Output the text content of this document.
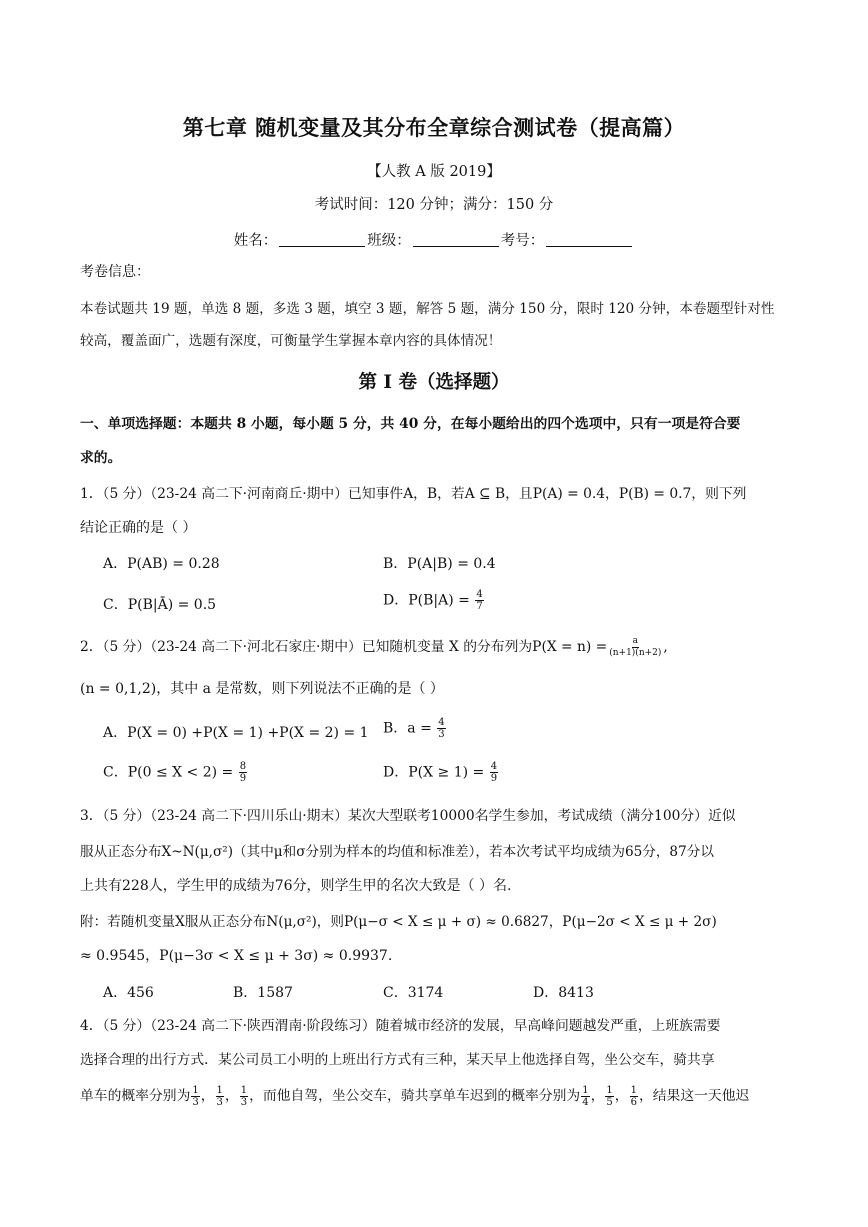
第七章 随机变量及其分布全章综合测试卷（提高篇）
【人教 A 版 2019】
考试时间：120 分钟；满分：150 分
姓名：	班级：	考号：
考卷信息：
本卷试题共 19 题，单选 8 题，多选 3 题，填空 3 题，解答 5 题，满分 150 分，限时 120 分钟，本卷题型针对性
较高，覆盖面广，选题有深度，可衡量学生掌握本章内容的具体情况！
第 I 卷（选择题）
一、单项选择题：本题共 8 小题，每小题 5 分，共 40 分，在每小题给出的四个选项中，只有一项是符合要
求的。
1．（5 分）（23-24 高二下·河南商丘·期中）已知事件A，B，若A ⊆ B，且P(A) = 0.4，P(B) = 0.7，则下列
结论正确的是（ ）
A．P(AB) = 0.28	B．P(A|B) = 0.4
C．P(B|Ā) = 0.5	D．$P(B|A) = \frac{4}{7}$
2．（5 分）（23-24 高二下·河北石家庄·期中）已知随机变量 X 的分布列为$P(X = n) = \frac{a}{(n+1)(n+2)}$ ,
(n = 0,1,2)，其中 a 是常数，则下列说法不正确的是（ ）
A．P(X = 0) +P(X = 1) +P(X = 2) = 1 B．$a = \frac{4}{3}$
C．$P(0 \le X < 2) = \frac{8}{9}$	D．$P(X \ge 1) = \frac{4}{9}$
3．（5 分）（23-24 高二下·四川乐山·期末）某次大型联考10000名学生参加，考试成绩（满分100分）近似
服从正态分布X~N(μ,σ²)（其中μ和σ分别为样本的均值和标准差），若本次考试平均成绩为65分，87分以
上共有228人，学生甲的成绩为76分，则学生甲的名次大致是（ ）名.
附：若随机变量X服从正态分布N(μ,σ²)，则P(μ−σ < X ≤ μ + σ) ≈ 0.6827，P(μ−2σ < X ≤ μ + 2σ)
≈ 0.9545，P(μ−3σ < X ≤ μ + 3σ) ≈ 0.9937.
A．456	B．1587	C．3174	D．8413
4．（5 分）（23-24 高二下·陕西渭南·阶段练习）随着城市经济的发展，早高峰问题越发严重，上班族需要
选择合理的出行方式．某公司员工小明的上班出行方式有三种，某天早上他选择自驾，坐公交车，骑共享
单车的概率分别为 $\frac{1}{3}$ ， $\frac{1}{3}$ ， $\frac{1}{3}$ ，而他自驾，坐公交车，骑共享单车迟到的概率分别为 $\frac{1}{4}$ ， $\frac{1}{5}$ ， $\frac{1}{6}$ ，结果这一天他迟
